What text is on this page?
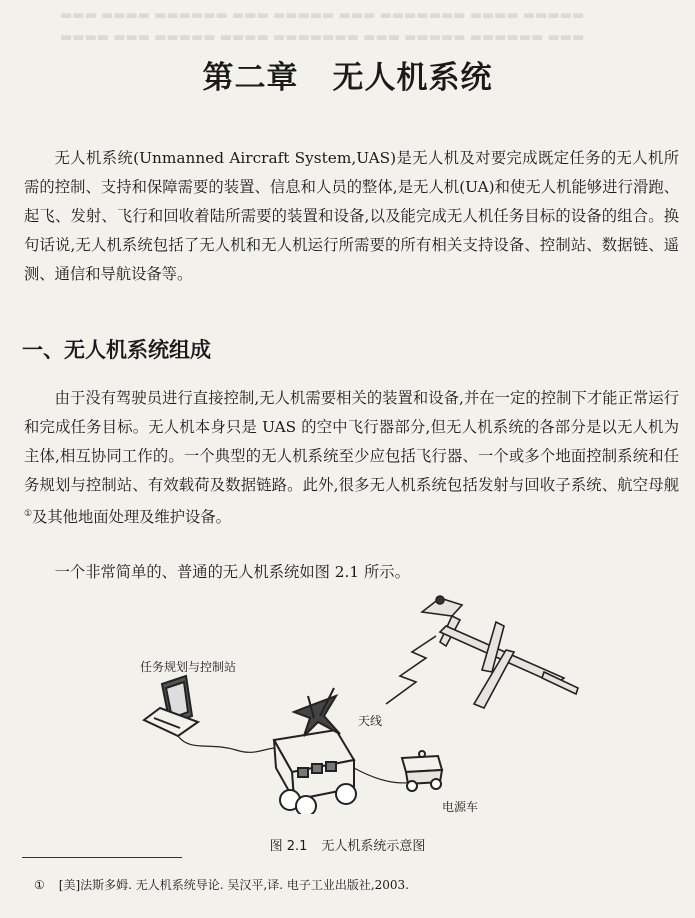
▬▬▬ ▬▬▬▬ ▬▬▬▬▬▬ ▬▬▬ ▬▬▬▬▬ ▬▬▬ ▬▬▬▬▬▬▬ ▬▬▬▬ ▬▬▬▬▬
▬▬▬▬ ▬▬▬ ▬▬▬▬▬ ▬▬▬▬ ▬▬▬▬▬▬▬ ▬▬▬ ▬▬▬▬▬ ▬▬▬▬▬▬ ▬▬▬
第二章 无人机系统

无人机系统(Unmanned Aircraft System,UAS)是无人机及对要完成既定任务的无人机所需的控制、支持和保障需要的装置、信息和人员的整体,是无人机(UA)和使无人机能够进行滑跑、起飞、发射、飞行和回收着陆所需要的装置和设备,以及能完成无人机任务目标的设备的组合。换句话说,无人机系统包括了无人机和无人机运行所需要的所有相关支持设备、控制站、数据链、遥测、通信和导航设备等。

一、无人机系统组成

由于没有驾驶员进行直接控制,无人机需要相关的装置和设备,并在一定的控制下才能正常运行和完成任务目标。无人机本身只是 UAS 的空中飞行器部分,但无人机系统的各部分是以无人机为主体,相互协同工作的。一个典型的无人机系统至少应包括飞行器、一个或多个地面控制系统和任务规划与控制站、有效载荷及数据链路。此外,很多无人机系统包括发射与回收子系统、航空母舰①及其他地面处理及维护设备。

一个非常简单的、普通的无人机系统如图 2.1 所示。

任务规划与控制站
天线
电源车
图 2.1 无人机系统示意图
① [美]法斯多姆. 无人机系统导论. 吴汉平,译. 电子工业出版社,2003.
